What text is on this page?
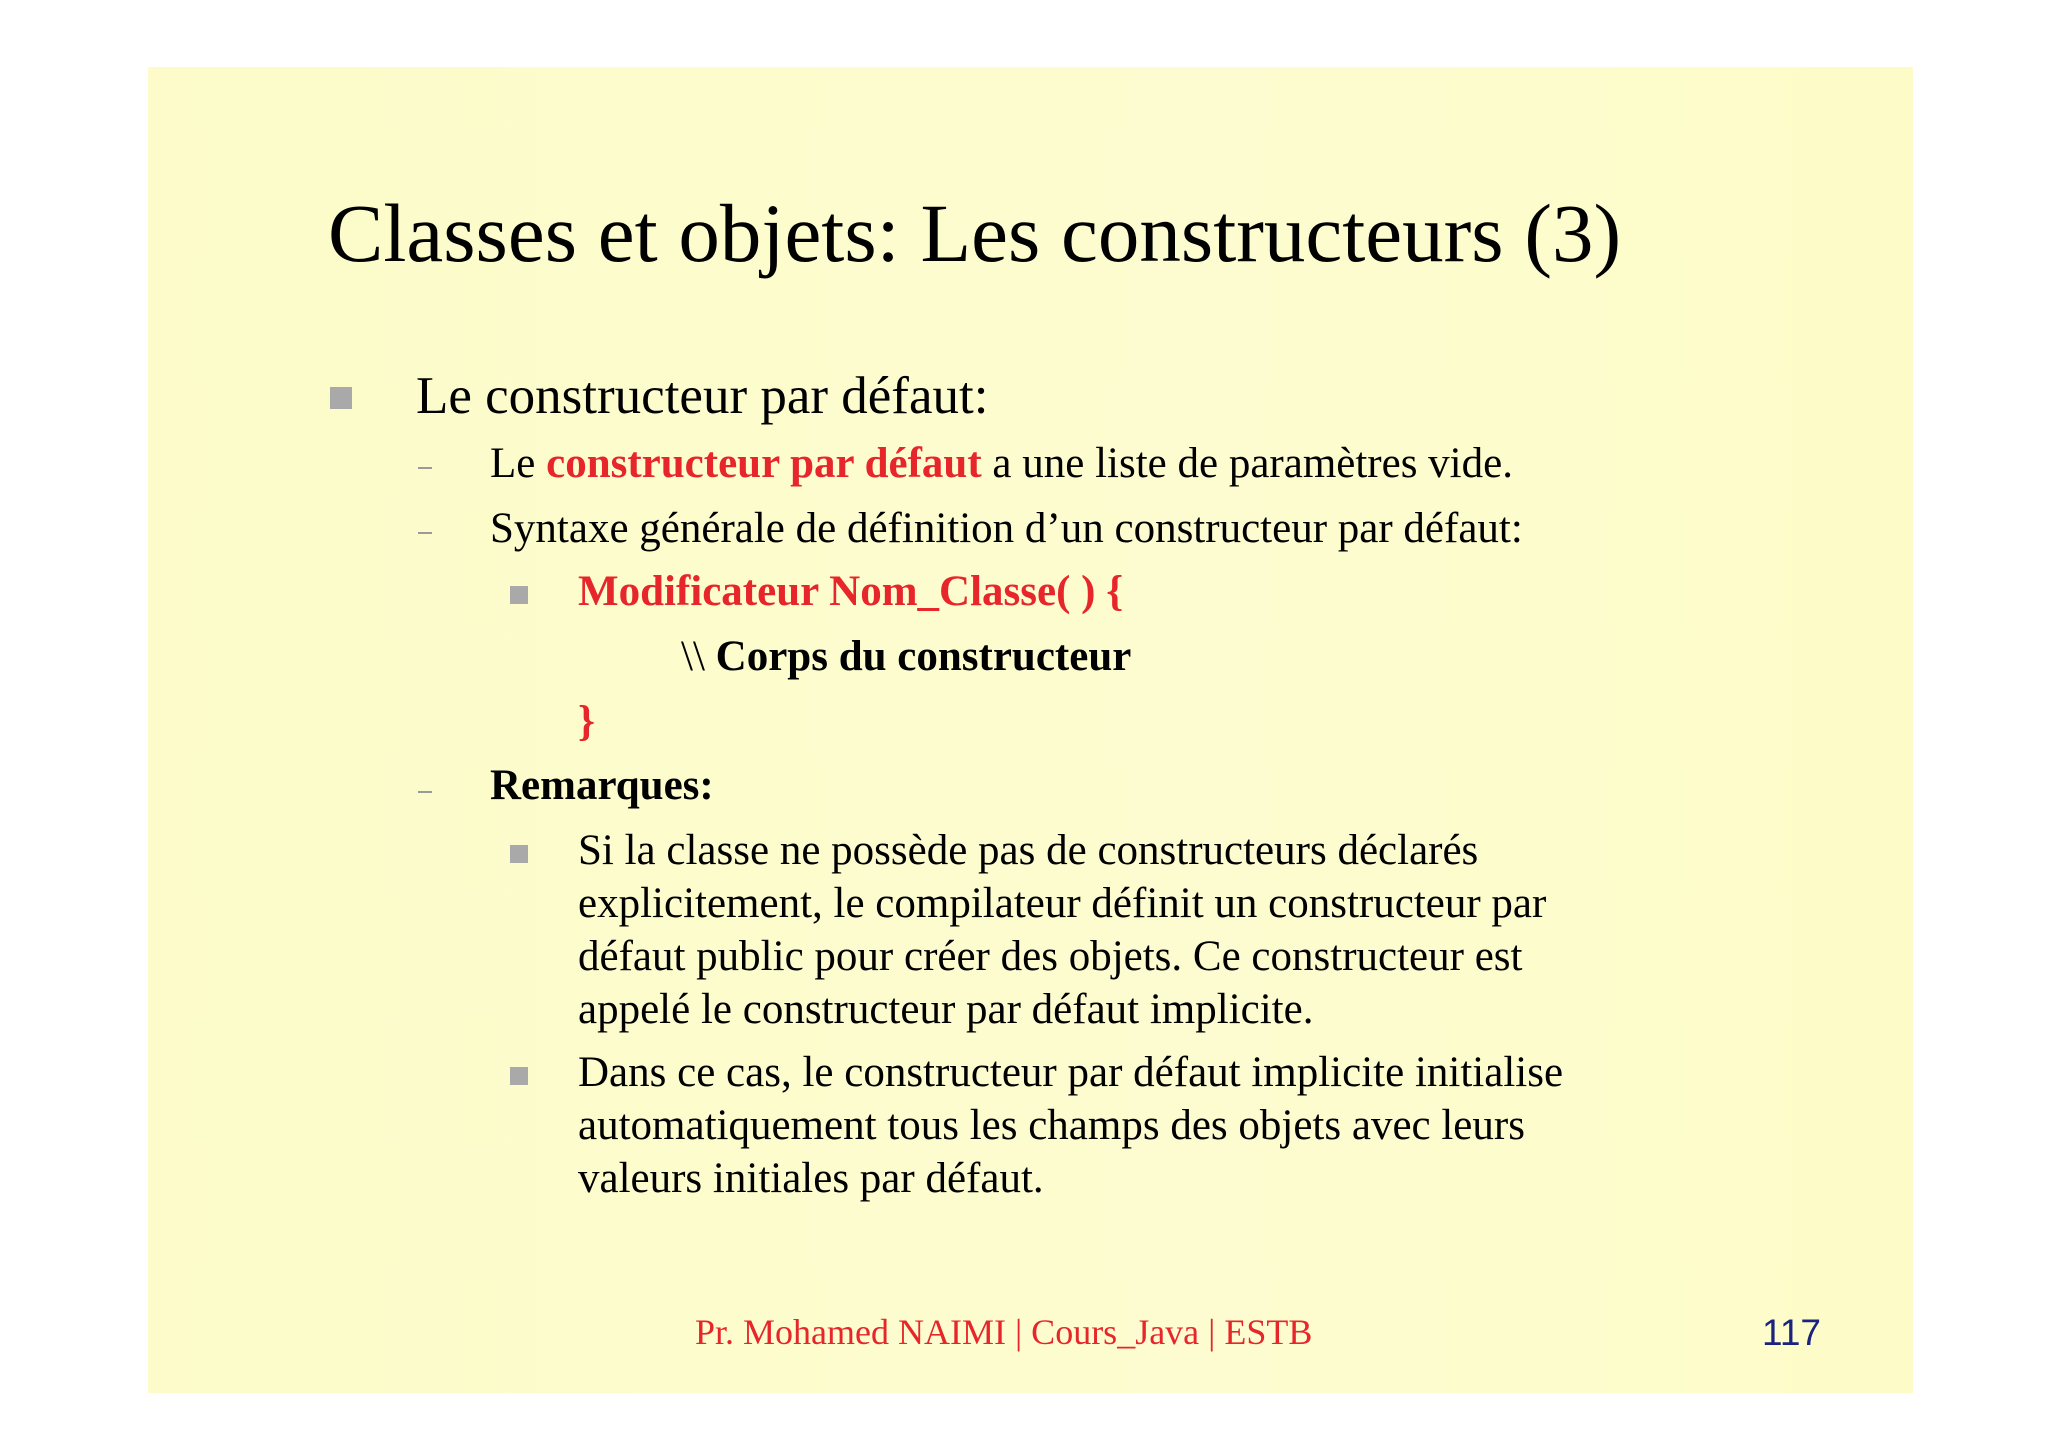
Classes et objets: Les constructeurs (3)
Le constructeur par défaut:
Le constructeur par défaut a une liste de paramètres vide.
Syntaxe générale de définition d’un constructeur par défaut:
Modificateur Nom_Classe( ) {
\\ Corps du constructeur
}
Remarques:
Si la classe ne possède pas de constructeurs déclarés
explicitement, le compilateur définit un constructeur par
défaut public pour créer des objets. Ce constructeur est
appelé le constructeur par défaut implicite.
Dans ce cas, le constructeur par défaut implicite initialise
automatiquement tous les champs des objets avec leurs
valeurs initiales par défaut.
Pr. Mohamed NAIMI | Cours_Java | ESTB	117
